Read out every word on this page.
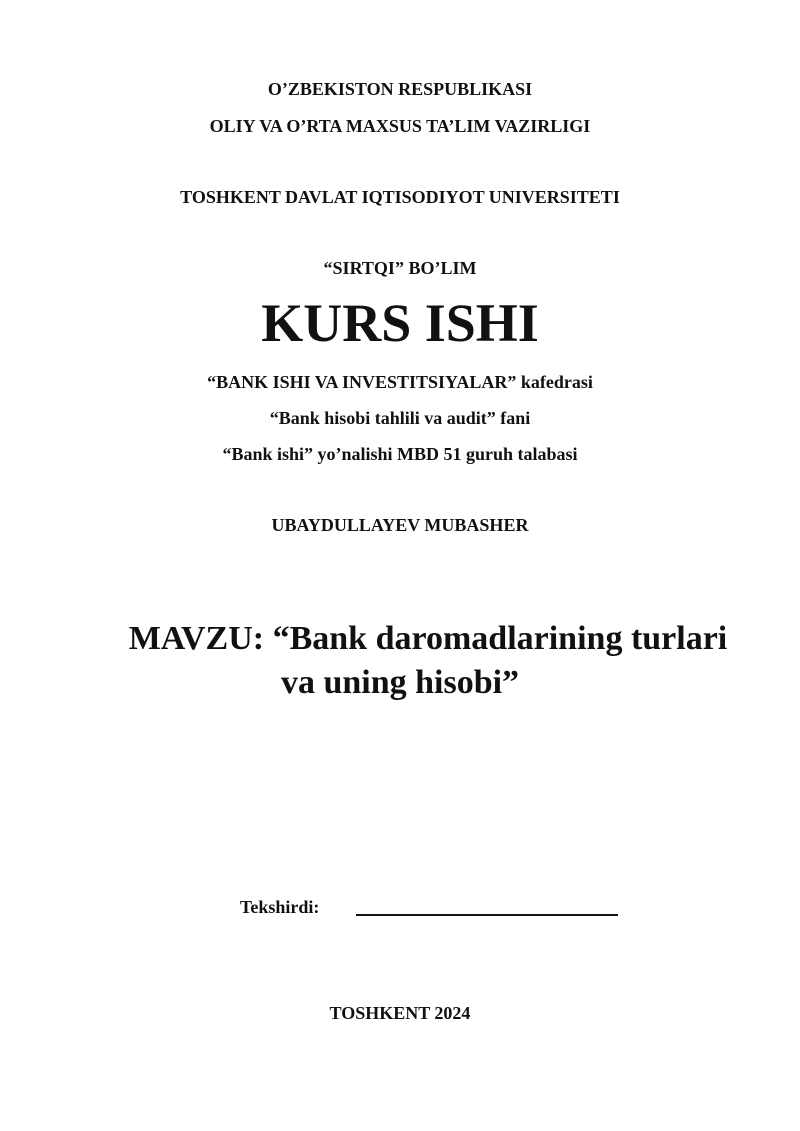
O’ZBEKISTON RESPUBLIKASI
OLIY VA O’RTA MAXSUS TA’LIM VAZIRLIGI
TOSHKENT DAVLAT IQTISODIYOT UNIVERSITETI
“SIRTQI” BO’LIM
KURS ISHI
“BANK ISHI VA INVESTITSIYALAR” kafedrasi
“Bank hisobi tahlili va audit” fani
“Bank ishi” yo’nalishi MBD 51 guruh talabasi
UBAYDULLAYEV MUBASHER
MAVZU: “Bank daromadlarining turlari
va uning hisobi”
Tekshirdi:
TOSHKENT 2024
